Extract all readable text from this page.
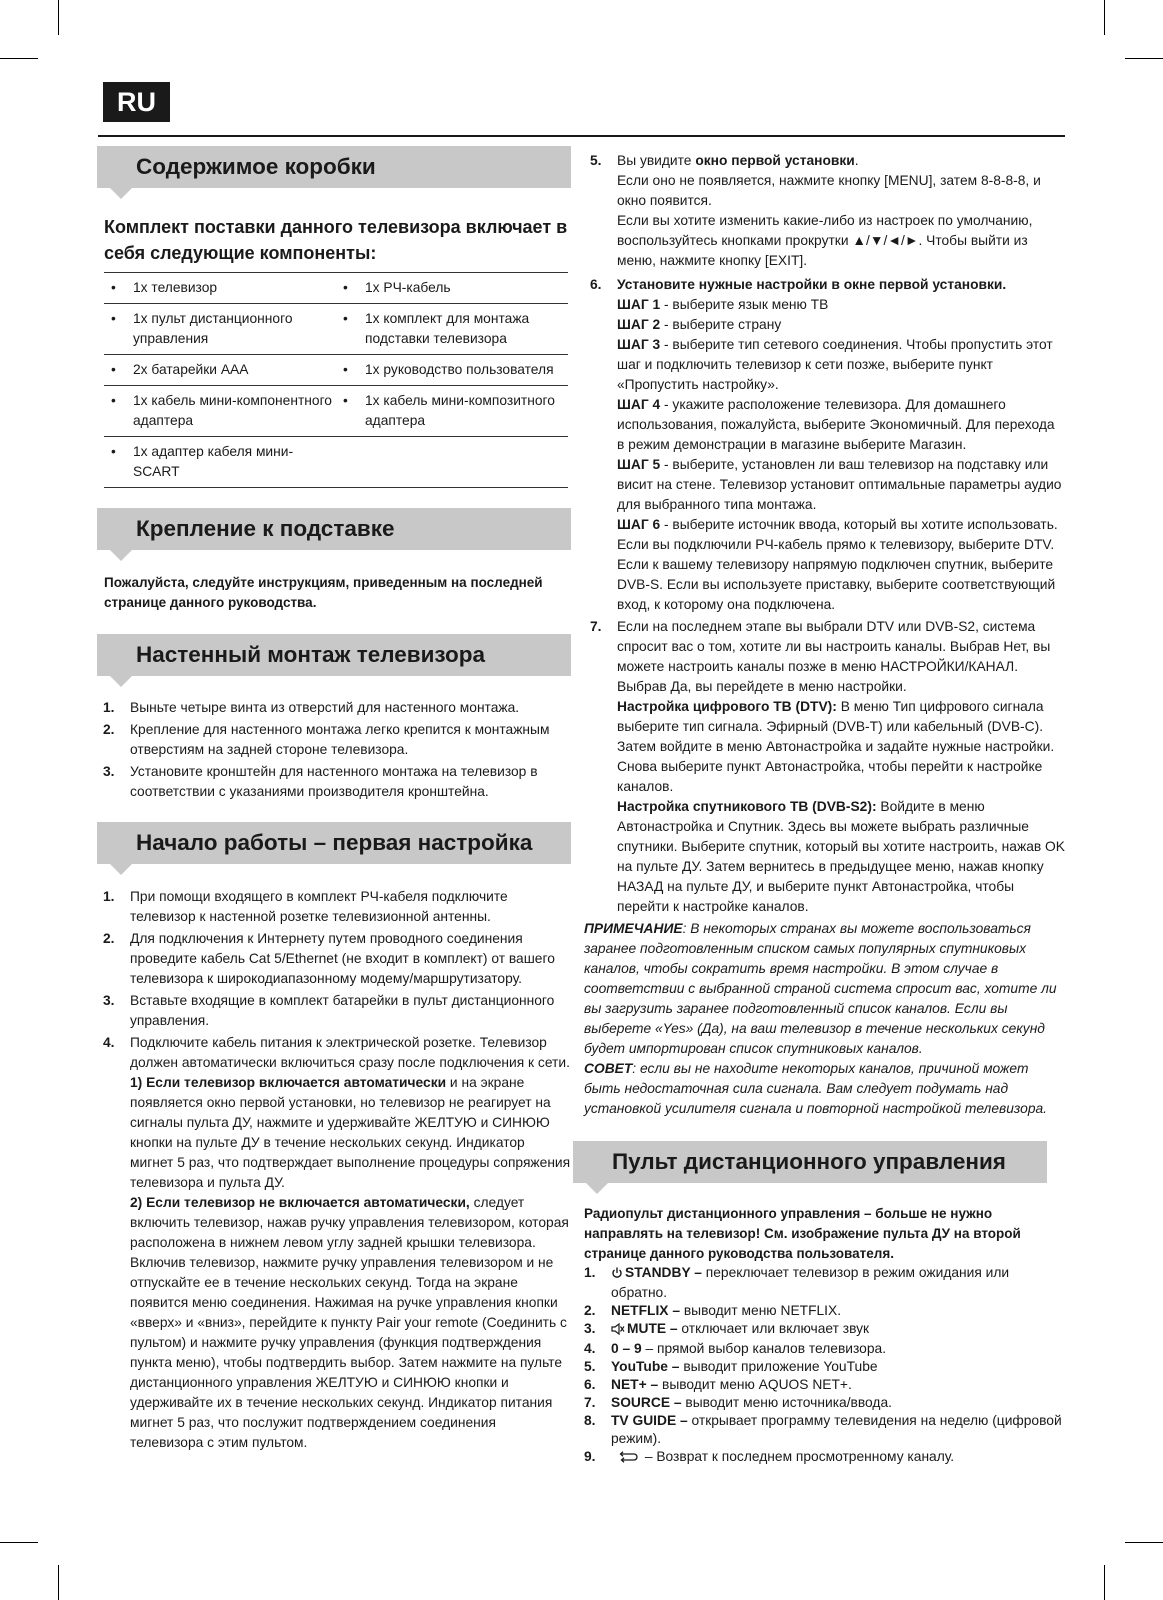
RU
Содержимое коробки

Комплект поставки данного телевизора включает в себя следующие компоненты:

• 1x телевизор	• 1x РЧ-кабель

• 1x пульт дистанционного управления	• 1x комплект для монтажа подставки телевизора

• 2x батарейки AAA	• 1x руководство пользователя

• 1x кабель мини-компонентного адаптера	• 1x кабель мини-композитного адаптера

• 1x адаптер кабеля мини-SCART	

Крепление к подставке

Пожалуйста, следуйте инструкциям, приведенным на последней странице данного руководства.

Настенный монтаж телевизора
1.	Выньте четыре винта из отверстий для настенного монтажа.
2.	Крепление для настенного монтажа легко крепится к монтажным отверстиям на задней стороне телевизора.
3.	Установите кронштейн для настенного монтажа на телевизор в соответствии с указаниями производителя кронштейна.
Начало работы – первая настройка
1.	При помощи входящего в комплект РЧ-кабеля подключите телевизор к настенной розетке телевизионной антенны.
2.	Для подключения к Интернету путем проводного соединения проведите кабель Cat 5/Ethernet (не входит в комплект) от вашего телевизора к широкодиапазонному модему/маршрутизатору.
3.	Вставьте входящие в комплект батарейки в пульт дистанционного управления.
4.	Подключите кабель питания к электрической розетке. Телевизор должен автоматически включиться сразу после подключения к сети.

1) Если телевизор включается автоматически и на экране появляется окно первой установки, но телевизор не реагирует на сигналы пульта ДУ, нажмите и удерживайте ЖЕЛТУЮ и СИНЮЮ кнопки на пульте ДУ в течение нескольких секунд. Индикатор мигнет 5 раз, что подтверждает выполнение процедуры сопряжения телевизора и пульта ДУ.

2) Если телевизор не включается автоматически, следует включить телевизор, нажав ручку управления телевизором, которая расположена в нижнем левом углу задней крышки телевизора. Включив телевизор, нажмите ручку управления телевизором и не отпускайте ее в течение нескольких секунд. Тогда на экране появится меню соединения. Нажимая на ручке управления кнопки «вверх» и «вниз», перейдите к пункту Pair your remote (Соединить с пультом) и нажмите ручку управления (функция подтверждения пункта меню), чтобы подтвердить выбор. Затем нажмите на пульте дистанционного управления ЖЕЛТУЮ и СИНЮЮ кнопки и удерживайте их в течение нескольких секунд. Индикатор питания мигнет 5 раз, что послужит подтверждением соединения телевизора с этим пультом.

5.	Вы увидите окно первой установки.

Если оно не появляется, нажмите кнопку [MENU], затем 8-8-8-8, и окно появится.

Если вы хотите изменить какие-либо из настроек по умолчанию, воспользуйтесь кнопками прокрутки ▲/▼/◄/►. Чтобы выйти из меню, нажмите кнопку [EXIT].

6.	Установите нужные настройки в окне первой установки.

ШАГ 1 - выберите язык меню ТВ

ШАГ 2 - выберите страну

ШАГ 3 - выберите тип сетевого соединения. Чтобы пропустить этот шаг и подключить телевизор к сети позже, выберите пункт «Пропустить настройку».

ШАГ 4 - укажите расположение телевизора. Для домашнего использования, пожалуйста, выберите Экономичный. Для перехода в режим демонстрации в магазине выберите Магазин.

ШАГ 5 - выберите, установлен ли ваш телевизор на подставку или висит на стене. Телевизор установит оптимальные параметры аудио для выбранного типа монтажа.

ШАГ 6 - выберите источник ввода, который вы хотите использовать. Если вы подключили РЧ-кабель прямо к телевизору, выберите DTV. Если к вашему телевизору напрямую подключен спутник, выберите DVB-S. Если вы используете приставку, выберите соответствующий вход, к которому она подключена.

7.	Если на последнем этапе вы выбрали DTV или DVB-S2, система спросит вас о том, хотите ли вы настроить каналы. Выбрав Нет, вы можете настроить каналы позже в меню НАСТРОЙКИ/КАНАЛ. Выбрав Да, вы перейдете в меню настройки.

Настройка цифрового ТВ (DTV): В меню Тип цифрового сигнала выберите тип сигнала. Эфирный (DVB-T) или кабельный (DVB-C). Затем войдите в меню Автонастройка и задайте нужные настройки. Снова выберите пункт Автонастройка, чтобы перейти к настройке каналов.

Настройка спутникового ТВ (DVB-S2): Войдите в меню Автонастройка и Спутник. Здесь вы можете выбрать различные спутники. Выберите спутник, который вы хотите настроить, нажав OK на пульте ДУ. Затем вернитесь в предыдущее меню, нажав кнопку НАЗАД на пульте ДУ, и выберите пункт Автонастройка, чтобы перейти к настройке каналов.

ПРИМЕЧАНИЕ: В некоторых странах вы можете воспользоваться заранее подготовленным списком самых популярных спутниковых каналов, чтобы сократить время настройки. В этом случае в соответствии с выбранной страной система спросит вас, хотите ли вы загрузить заранее подготовленный список каналов. Если вы выберете «Yes» (Да), на ваш телевизор в течение нескольких секунд будет импортирован список спутниковых каналов.

СОВЕТ: если вы не находите некоторых каналов, причиной может быть недостаточная сила сигнала. Вам следует подумать над установкой усилителя сигнала и повторной настройкой телевизора.

Пульт дистанционного управления

Радиопульт дистанционного управления – больше не нужно направлять на телевизор! См. изображение пульта ДУ на второй странице данного руководства пользователя.

1.	STANDBY – переключает телевизор в режим ожидания или обратно.
2.	NETFLIX – выводит меню NETFLIX.
3.	MUTE – отключает или включает звук
4.	0 – 9 – прямой выбор каналов телевизора.
5.	YouTube – выводит приложение YouTube
6.	NET+ – выводит меню AQUOS NET+.
7.	SOURCE – выводит меню источника/ввода.
8.	TV GUIDE – открывает программу телевидения на неделю (цифровой режим).
9.	– Возврат к последнем просмотренному каналу.
